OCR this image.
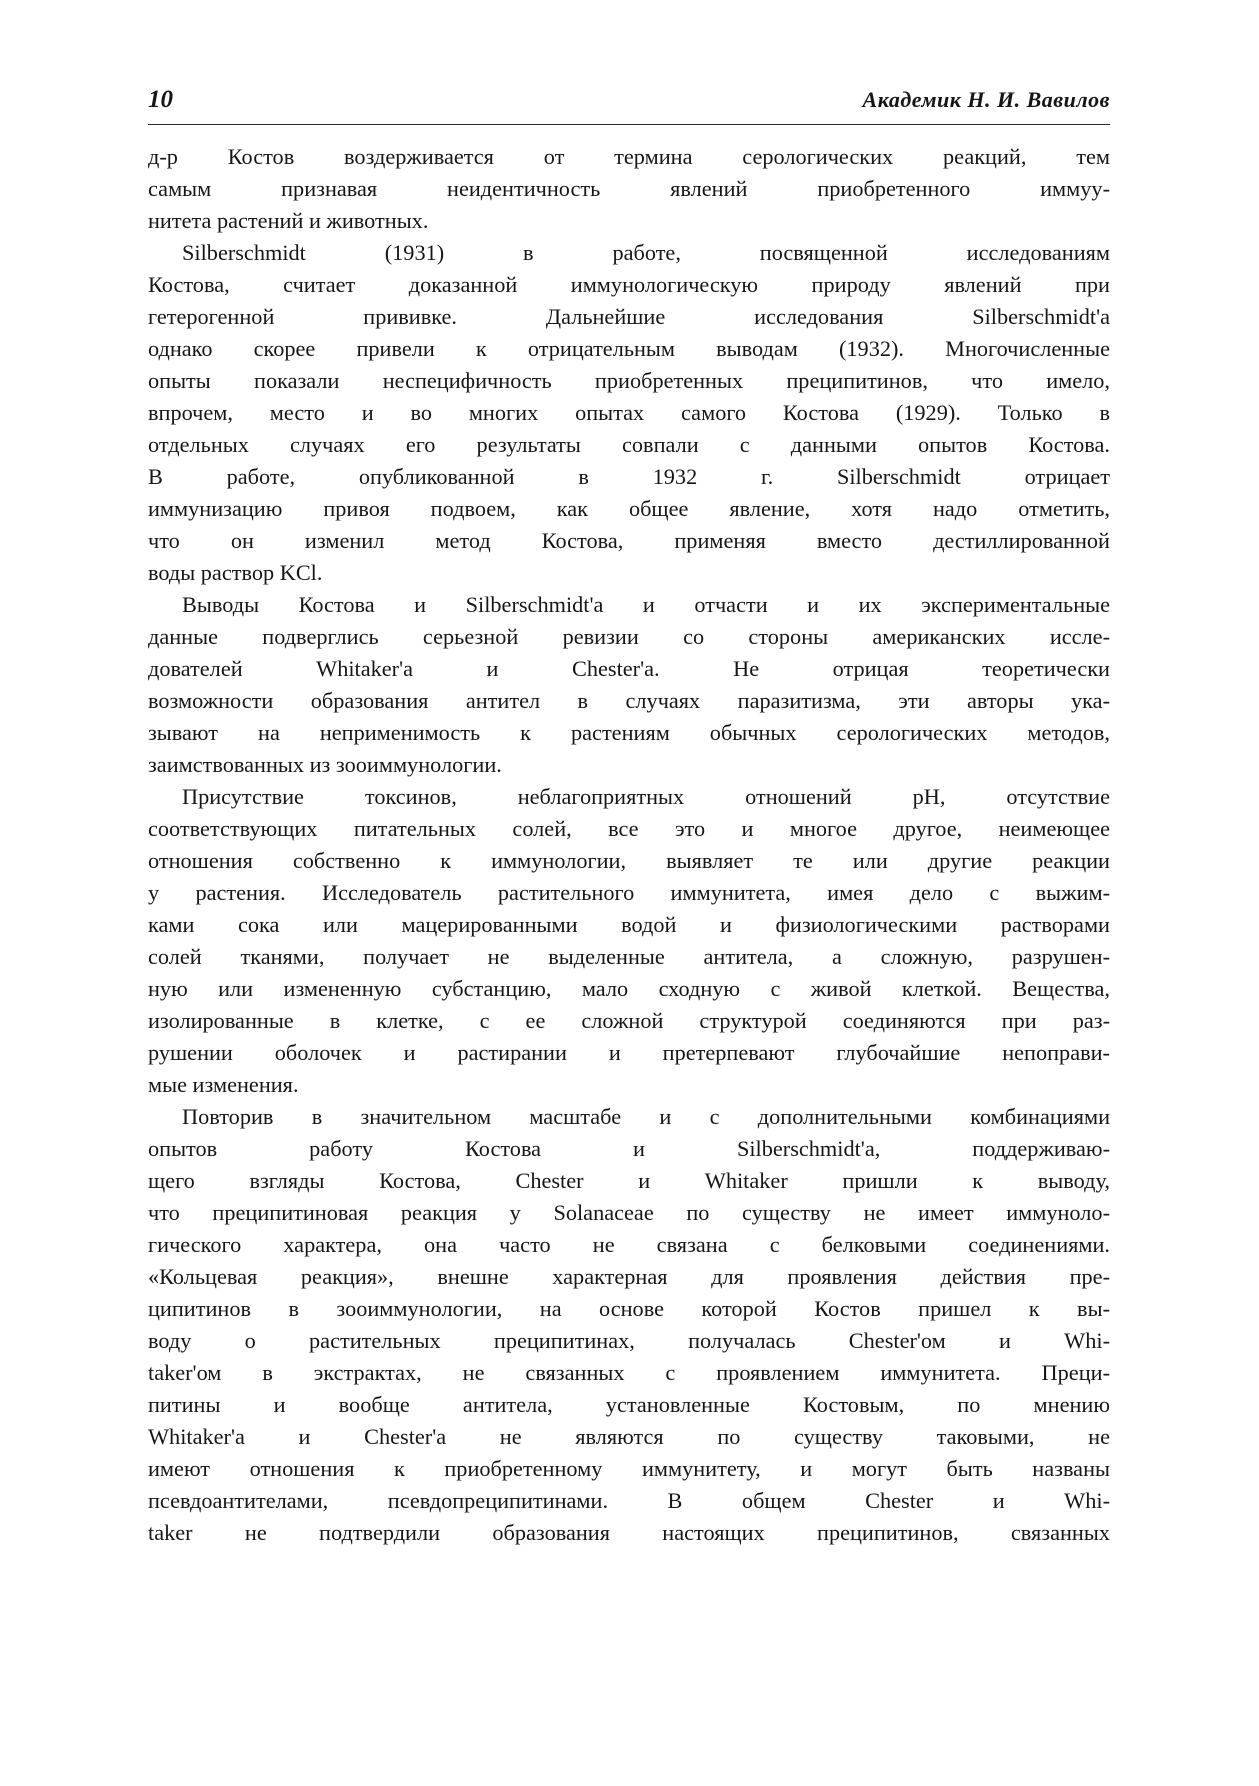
10	Академик Н. И. Вавилов
д-р Костов воздерживается от термина серологических реакций, тем
самым признавая неидентичность явлений приобретенного иммуу-
нитета растений и животных.
Silberschmidt (1931) в работе, посвященной исследованиям
Костова, считает доказанной иммунологическую природу явлений при
гетерогенной прививке. Дальнейшие исследования Silberschmidt'a
однако скорее привели к отрицательным выводам (1932). Многочисленные
опыты показали неспецифичность приобретенных преципитинов, что имело,
впрочем, место и во многих опытах самого Костова (1929). Только в
отдельных случаях его результаты совпали с данными опытов Костова.
В работе, опубликованной в 1932 г. Silberschmidt отрицает
иммунизацию привоя подвоем, как общее явление, хотя надо отметить,
что он изменил метод Костова, применяя вместо дестиллированной
воды раствор KCl.
Выводы Костова и Silberschmidt'a и отчасти и их экспериментальные
данные подверглись серьезной ревизии со стороны американских иссле-
дователей Whitaker'a и Chester'a. Не отрицая теоретически
возможности образования антител в случаях паразитизма, эти авторы ука-
зывают на неприменимость к растениям обычных серологических методов,
заимствованных из зооиммунологии.
Присутствие токсинов, неблагоприятных отношений pH, отсутствие
соответствующих питательных солей, все это и многое другое, неимеющее
отношения собственно к иммунологии, выявляет те или другие реакции
у растения. Исследователь растительного иммунитета, имея дело с выжим-
ками сока или мацерированными водой и физиологическими растворами
солей тканями, получает не выделенные антитела, а сложную, разрушен-
ную или измененную субстанцию, мало сходную с живой клеткой. Вещества,
изолированные в клетке, с ее сложной структурой соединяются при раз-
рушении оболочек и растирании и претерпевают глубочайшие непоправи-
мые изменения.
Повторив в значительном масштабе и с дополнительными комбинациями
опытов работу Костова и Silberschmidt'a, поддерживаю-
щего взгляды Костова, Chester и Whitaker пришли к выводу,
что преципитиновая реакция у Solanaceae по существу не имеет иммуноло-
гического характера, она часто не связана с белковыми соединениями.
«Кольцевая реакция», внешне характерная для проявления действия пре-
ципитинов в зооиммунологии, на основе которой Костов пришел к вы-
воду о растительных преципитинах, получалась Chester'ом и Whi-
taker'ом в экстрактах, не связанных с проявлением иммунитета. Преци-
питины и вообще антитела, установленные Костовым, по мнению
Whitaker'a и Chester'a не являются по существу таковыми, не
имеют отношения к приобретенному иммунитету, и могут быть названы
псевдоантителами, псевдопреципитинами. В общем Chester и Whi-
taker не подтвердили образования настоящих преципитинов, связанных
